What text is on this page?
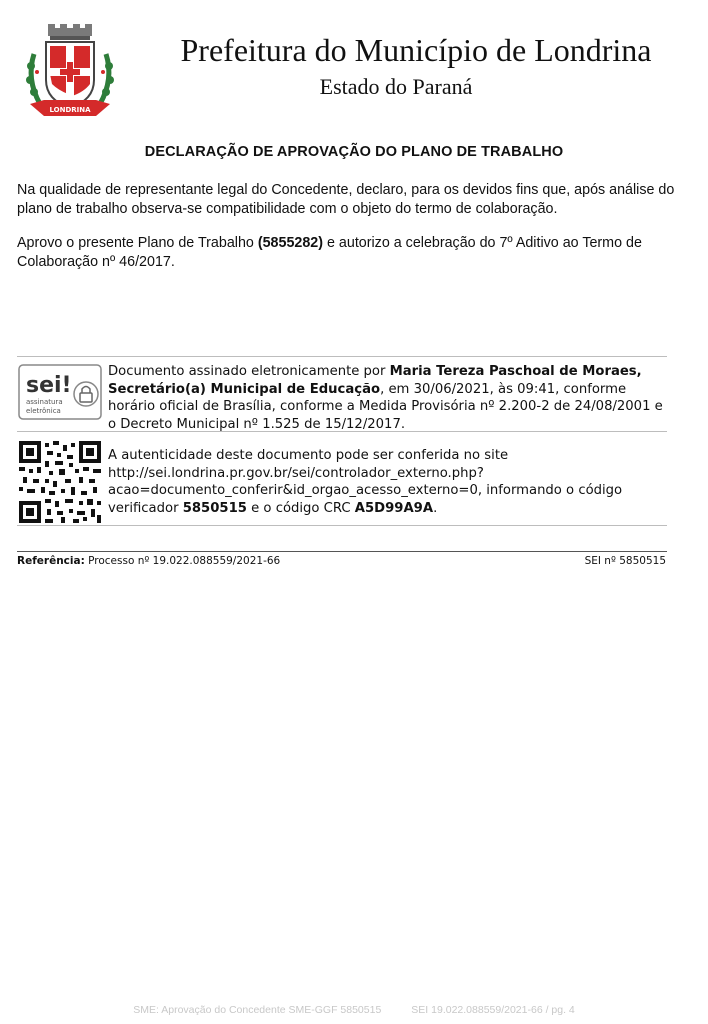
LONDRINA
Prefeitura do Município de Londrina
Estado do Paraná
DECLARAÇÃO DE APROVAÇÃO DO PLANO DE TRABALHO
Na qualidade de representante legal do Concedente, declaro, para os devidos fins que, após análise do plano de trabalho observa-se compatibilidade com o objeto do termo de colaboração.
Aprovo o presente Plano de Trabalho (5855282) e autorizo a celebração do 7º Aditivo ao Termo de Colaboração nº 46/2017.
sei!
assinatura
eletrônica
Documento assinado eletronicamente por Maria Tereza Paschoal de Moraes, Secretário(a) Municipal de Educação, em 30/06/2021, às 09:41, conforme horário oficial de Brasília, conforme a Medida Provisória nº 2.200-2 de 24/08/2001 e o Decreto Municipal nº 1.525 de 15/12/2017.
A autenticidade deste documento pode ser conferida no site http://sei.londrina.pr.gov.br/sei/controlador_externo.php?acao=documento_conferir&id_orgao_acesso_externo=0, informando o código verificador 5850515 e o código CRC A5D99A9A.
Referência: Processo nº 19.022.088559/2021-66	SEI nº 5850515
SME: Aprovação do Concedente SME-GGF 5850515	SEI 19.022.088559/2021-66 / pg. 4
